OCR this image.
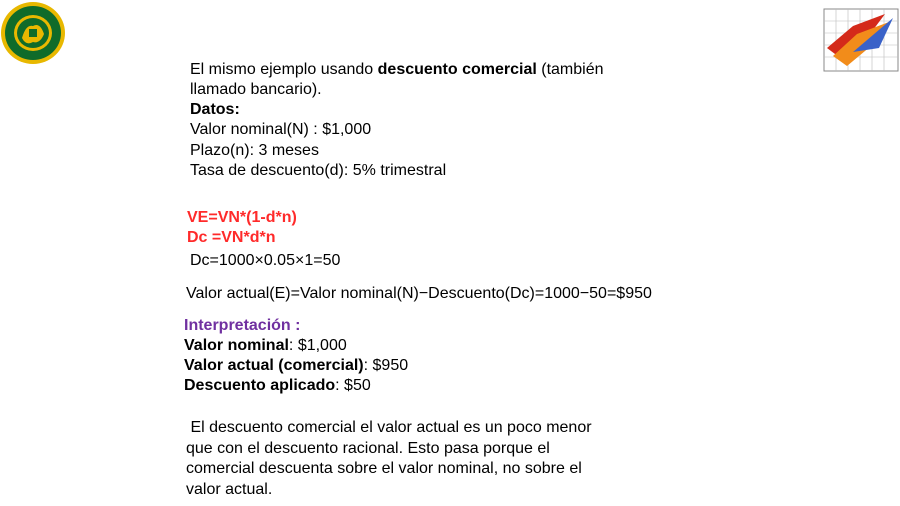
El mismo ejemplo usando descuento comercial (también
llamado bancario).
Datos:
Valor nominal(N) : $1,000
Plazo(n): 3 meses
Tasa de descuento(d): 5% trimestral
VE=VN*(1-d*n)
Dc =VN*d*n
Dc=1000×0.05×1=50
Valor actual(E)=Valor nominal(N)−Descuento(Dc)=1000−50=$950
Interpretación :
Valor nominal: $1,000
Valor actual (comercial): $950
Descuento aplicado: $50
El descuento comercial el valor actual es un poco menor
que con el descuento racional. Esto pasa porque el
comercial descuenta sobre el valor nominal, no sobre el
valor actual.
